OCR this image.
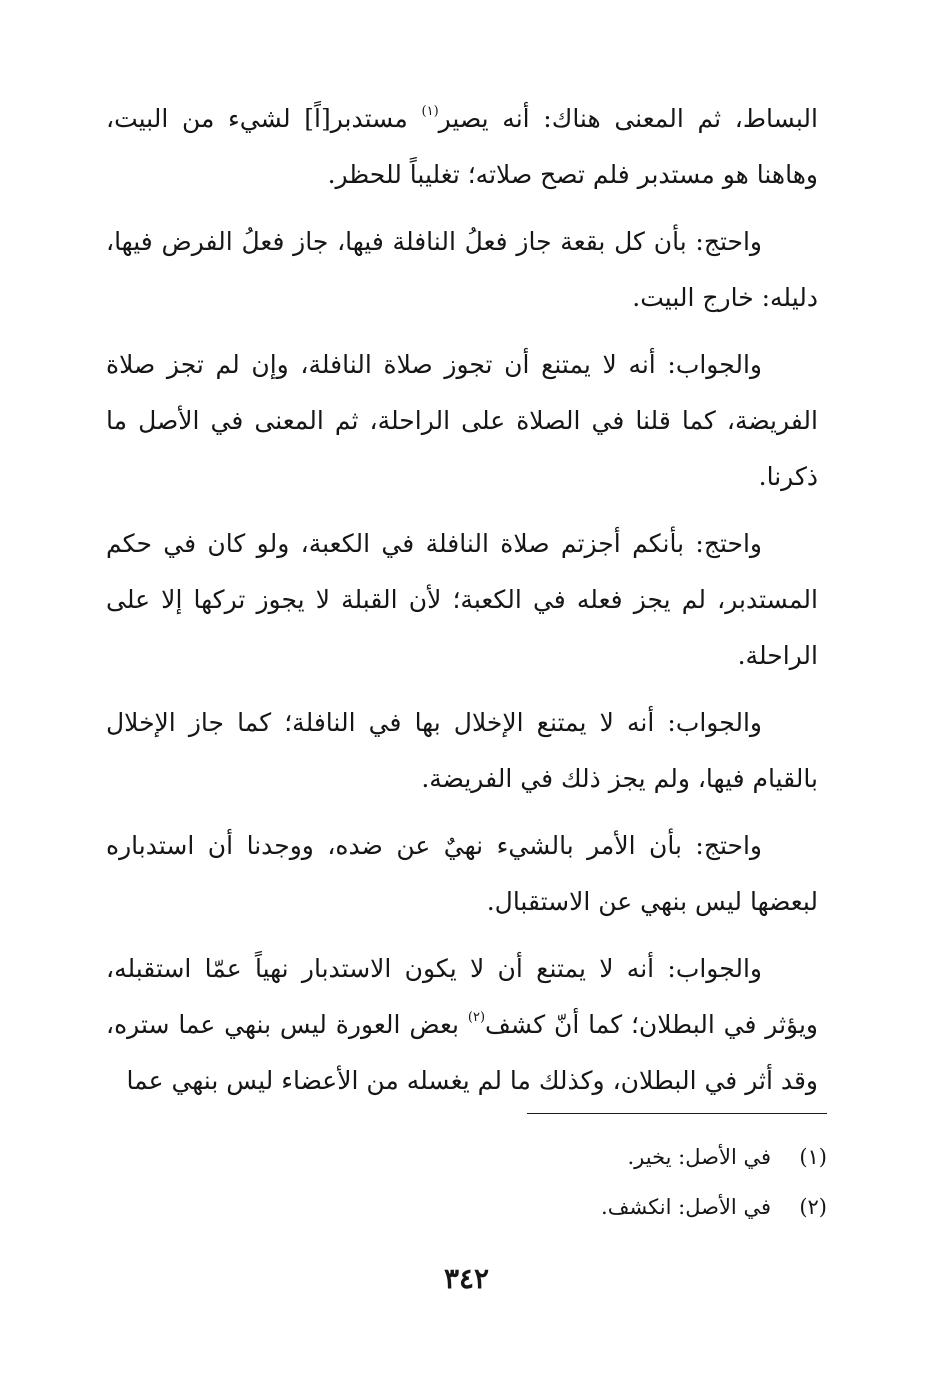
البساط، ثم المعنى هناك: أنه يصير$^{(١)}$ مستدبر[اً] لشيء من البيت، وهاهنا هو مستدبر فلم تصح صلاته؛ تغليباً للحظر.

واحتج: بأن كل بقعة جاز فعلُ النافلة فيها، جاز فعلُ الفرض فيها، دليله: خارج البيت.

والجواب: أنه لا يمتنع أن تجوز صلاة النافلة، وإن لم تجز صلاة الفريضة، كما قلنا في الصلاة على الراحلة، ثم المعنى في الأصل ما ذكرنا.

واحتج: بأنكم أجزتم صلاة النافلة في الكعبة، ولو كان في حكم المستدبر، لم يجز فعله في الكعبة؛ لأن القبلة لا يجوز تركها إلا على الراحلة.

والجواب: أنه لا يمتنع الإخلال بها في النافلة؛ كما جاز الإخلال بالقيام فيها، ولم يجز ذلك في الفريضة.

واحتج: بأن الأمر بالشيء نهيٌ عن ضده، ووجدنا أن استدباره لبعضها ليس بنهي عن الاستقبال.

والجواب: أنه لا يمتنع أن لا يكون الاستدبار نهياً عمّا استقبله، ويؤثر في البطلان؛ كما أنّ كشف$^{(٢)}$ بعض العورة ليس بنهي عما ستره، وقد أثر في البطلان، وكذلك ما لم يغسله من الأعضاء ليس بنهي عما

(١)في الأصل: يخير.
(٢)في الأصل: انكشف.
٣٤٢
